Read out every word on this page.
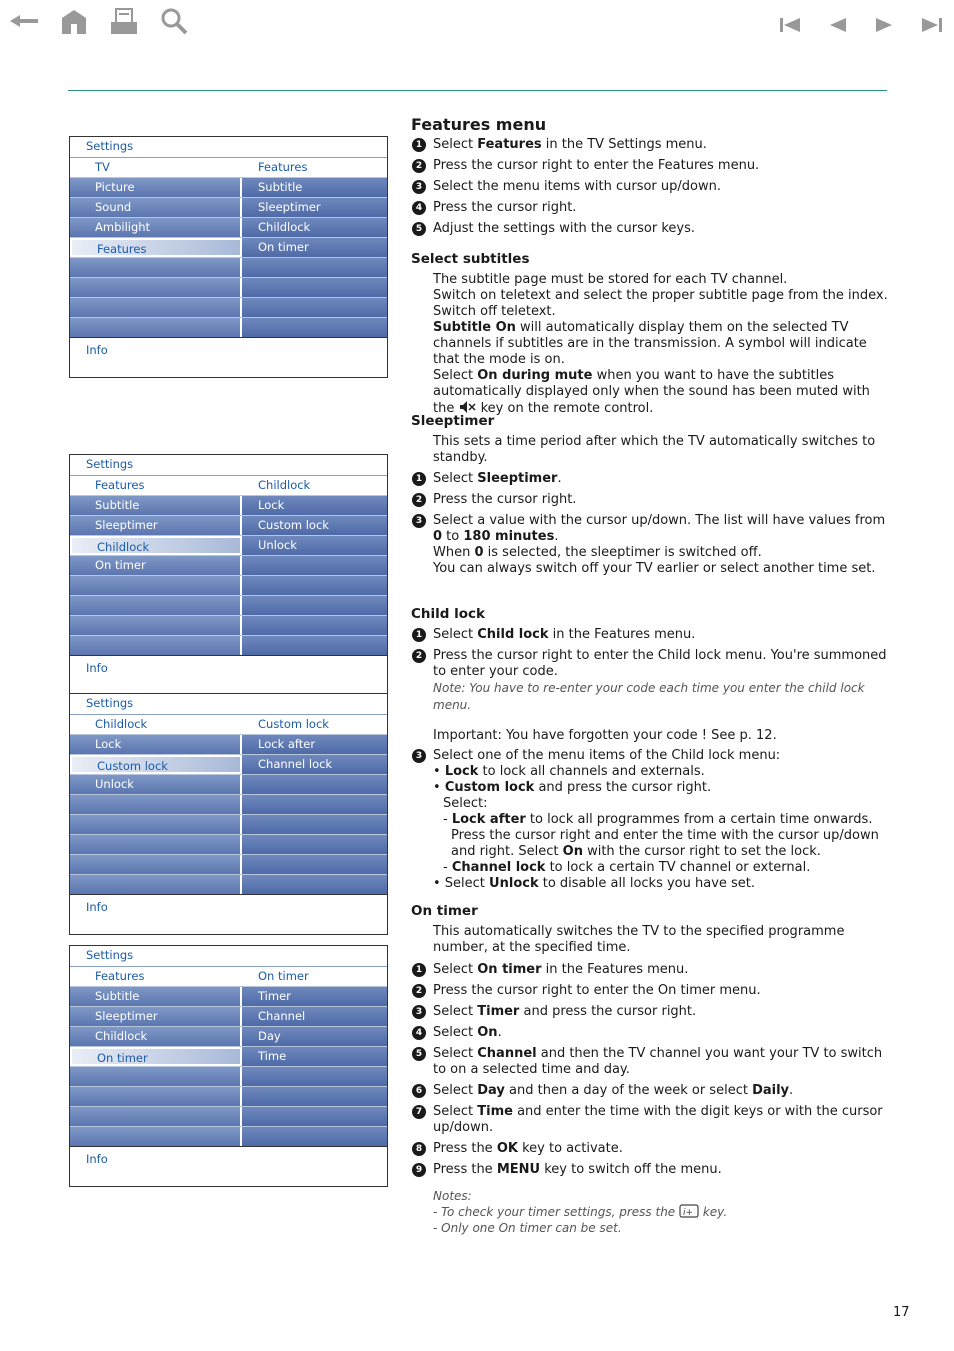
Settings
TV	Features
Picture	Subtitle
Sound	Sleeptimer
Ambilight	Childlock
Features	On timer
Info
Settings
Features	Childlock
Subtitle	Lock
Sleeptimer	Custom lock
Childlock	Unlock
On timer
Info
Settings
Childlock	Custom lock
Lock	Lock after
Custom lock	Channel lock
Unlock
Info
Settings
Features	On timer
Subtitle	Timer
Sleeptimer	Channel
Childlock	Day
On timer	Time
Info
Features menu
1 Select Features in the TV Settings menu.
2 Press the cursor right to enter the Features menu.
3 Select the menu items with cursor up/down.
4 Press the cursor right.
5 Adjust the settings with the cursor keys.
Select subtitles
The subtitle page must be stored for each TV channel.
Switch on teletext and select the proper subtitle page from the index.
Switch off teletext.
Subtitle On will automatically display them on the selected TV channels if subtitles are in the transmission. A symbol will indicate that the mode is on.
Select On during mute when you want to have the subtitles automatically displayed only when the sound has been muted with the  key on the remote control.
Sleeptimer
This sets a time period after which the TV automatically switches to standby.
1 Select Sleeptimer.
2 Press the cursor right.
3 Select a value with the cursor up/down. The list will have values from 0 to 180 minutes.
When 0 is selected, the sleeptimer is switched off.
You can always switch off your TV earlier or select another time set.
Child lock
1 Select Child lock in the Features menu.
2 Press the cursor right to enter the Child lock menu. You're summoned to enter your code.
Note: You have to re-enter your code each time you enter the child lock menu.
Important: You have forgotten your code ! See p. 12.
3 Select one of the menu items of the Child lock menu:
• Lock to lock all channels and externals.
• Custom lock and press the cursor right.
Select:
- Lock after to lock all programmes from a certain time onwards.
Press the cursor right and enter the time with the cursor up/down and right. Select On with the cursor right to set the lock.
- Channel lock to lock a certain TV channel or external.
• Select Unlock to disable all locks you have set.
On timer
This automatically switches the TV to the specified programme number, at the specified time.
1 Select On timer in the Features menu.
2 Press the cursor right to enter the On timer menu.
3 Select Timer and press the cursor right.
4 Select On.
5 Select Channel and then the TV channel you want your TV to switch to on a selected time and day.
6 Select Day and then a day of the week or select Daily.
7 Select Time and enter the time with the digit keys or with the cursor up/down.
8 Press the OK key to activate.
9 Press the MENU key to switch off the menu.
Notes:
- To check your timer settings, press the i+ key.
- Only one On timer can be set.
17
